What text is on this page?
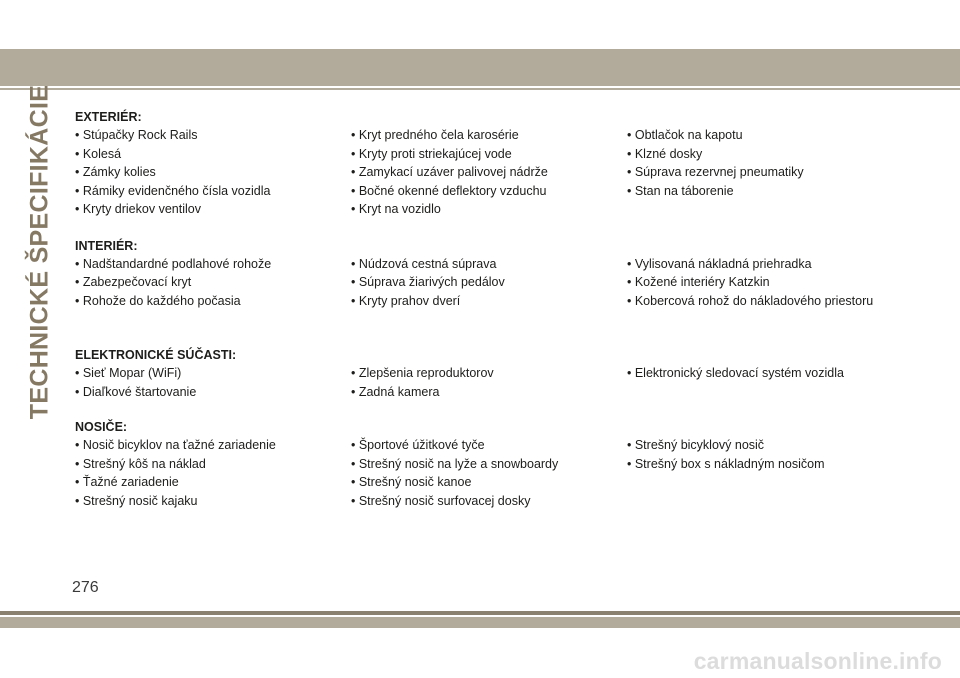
TECHNICKÉ ŠPECIFIKÁCIE EXTERIÉR:
• Stúpačky Rock Rails	• Kryt predného čela karosérie	• Obtlačok na kapotu
• Kolesá	• Kryty proti striekajúcej vode	• Klzné dosky
• Zámky kolies	• Zamykací uzáver palivovej nádrže	• Súprava rezervnej pneumatiky
• Rámiky evidenčného čísla vozidla	• Bočné okenné deflektory vzduchu	• Stan na táborenie
• Kryty driekov ventilov	• Kryt na vozidlo
INTERIÉR:
• Nadštandardné podlahové rohože	• Núdzová cestná súprava	• Vylisovaná nákladná priehradka
• Zabezpečovací kryt	• Súprava žiarivých pedálov	• Kožené interiéry Katzkin
• Rohože do každého počasia	• Kryty prahov dverí	• Kobercová rohož do nákladového priestoru
ELEKTRONICKÉ SÚČASTI:
• Sieť Mopar (WiFi)	• Zlepšenia reproduktorov	• Elektronický sledovací systém vozidla
• Diaľkové štartovanie	• Zadná kamera
NOSIČE:
• Nosič bicyklov na ťažné zariadenie	• Športové úžitkové tyče	• Strešný bicyklový nosič
• Strešný kôš na náklad	• Strešný nosič na lyže a snowboardy	• Strešný box s nákladným nosičom
• Ťažné zariadenie	• Strešný nosič kanoe
• Strešný nosič kajaku	• Strešný nosič surfovacej dosky
276
carmanualsonline.info
